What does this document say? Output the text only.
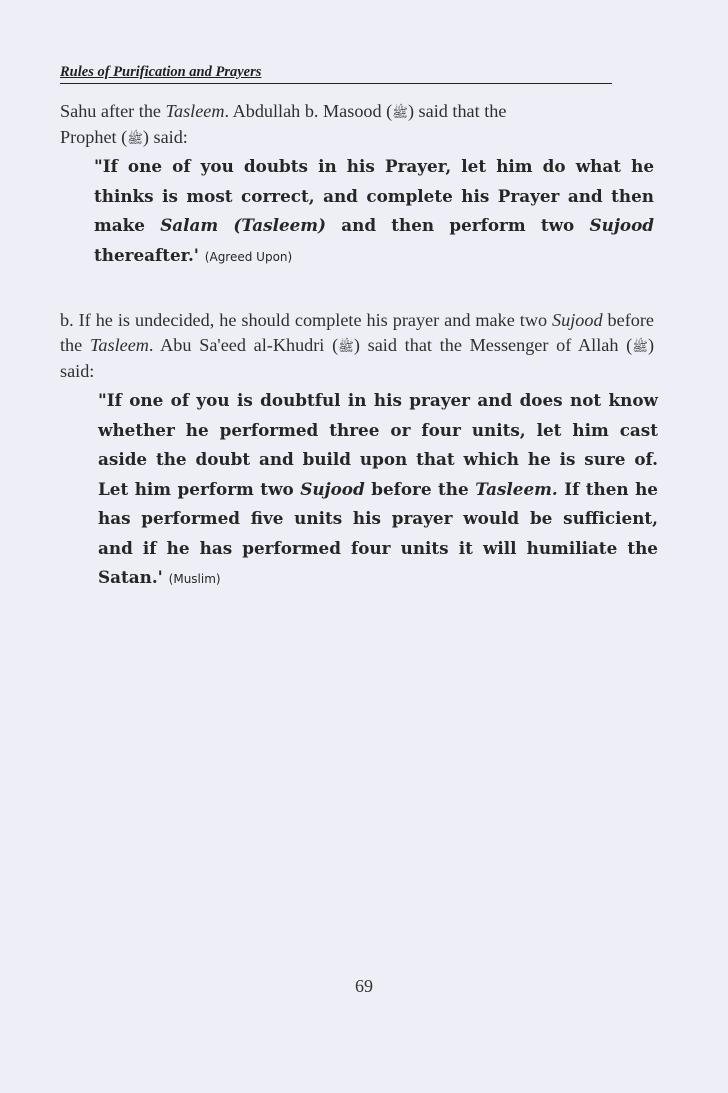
Rules of Purification and Prayers
Sahu after the Tasleem. Abdullah b. Masood (ﷺ) said that the
Prophet (ﷺ) said:
"If one of you doubts in his Prayer, let him do what he thinks is most correct, and complete his Prayer and then make Salam (Tasleem) and then perform two Sujood thereafter.' (Agreed Upon)
b. If he is undecided, he should complete his prayer and make two Sujood before the Tasleem. Abu Sa'eed al-Khudri (ﷺ) said that the Messenger of Allah (ﷺ) said:
"If one of you is doubtful in his prayer and does not know whether he performed three or four units, let him cast aside the doubt and build upon that which he is sure of. Let him perform two Sujood before the Tasleem. If then he has performed five units his prayer would be sufficient, and if he has performed four units it will humiliate the Satan.' (Muslim)
69
